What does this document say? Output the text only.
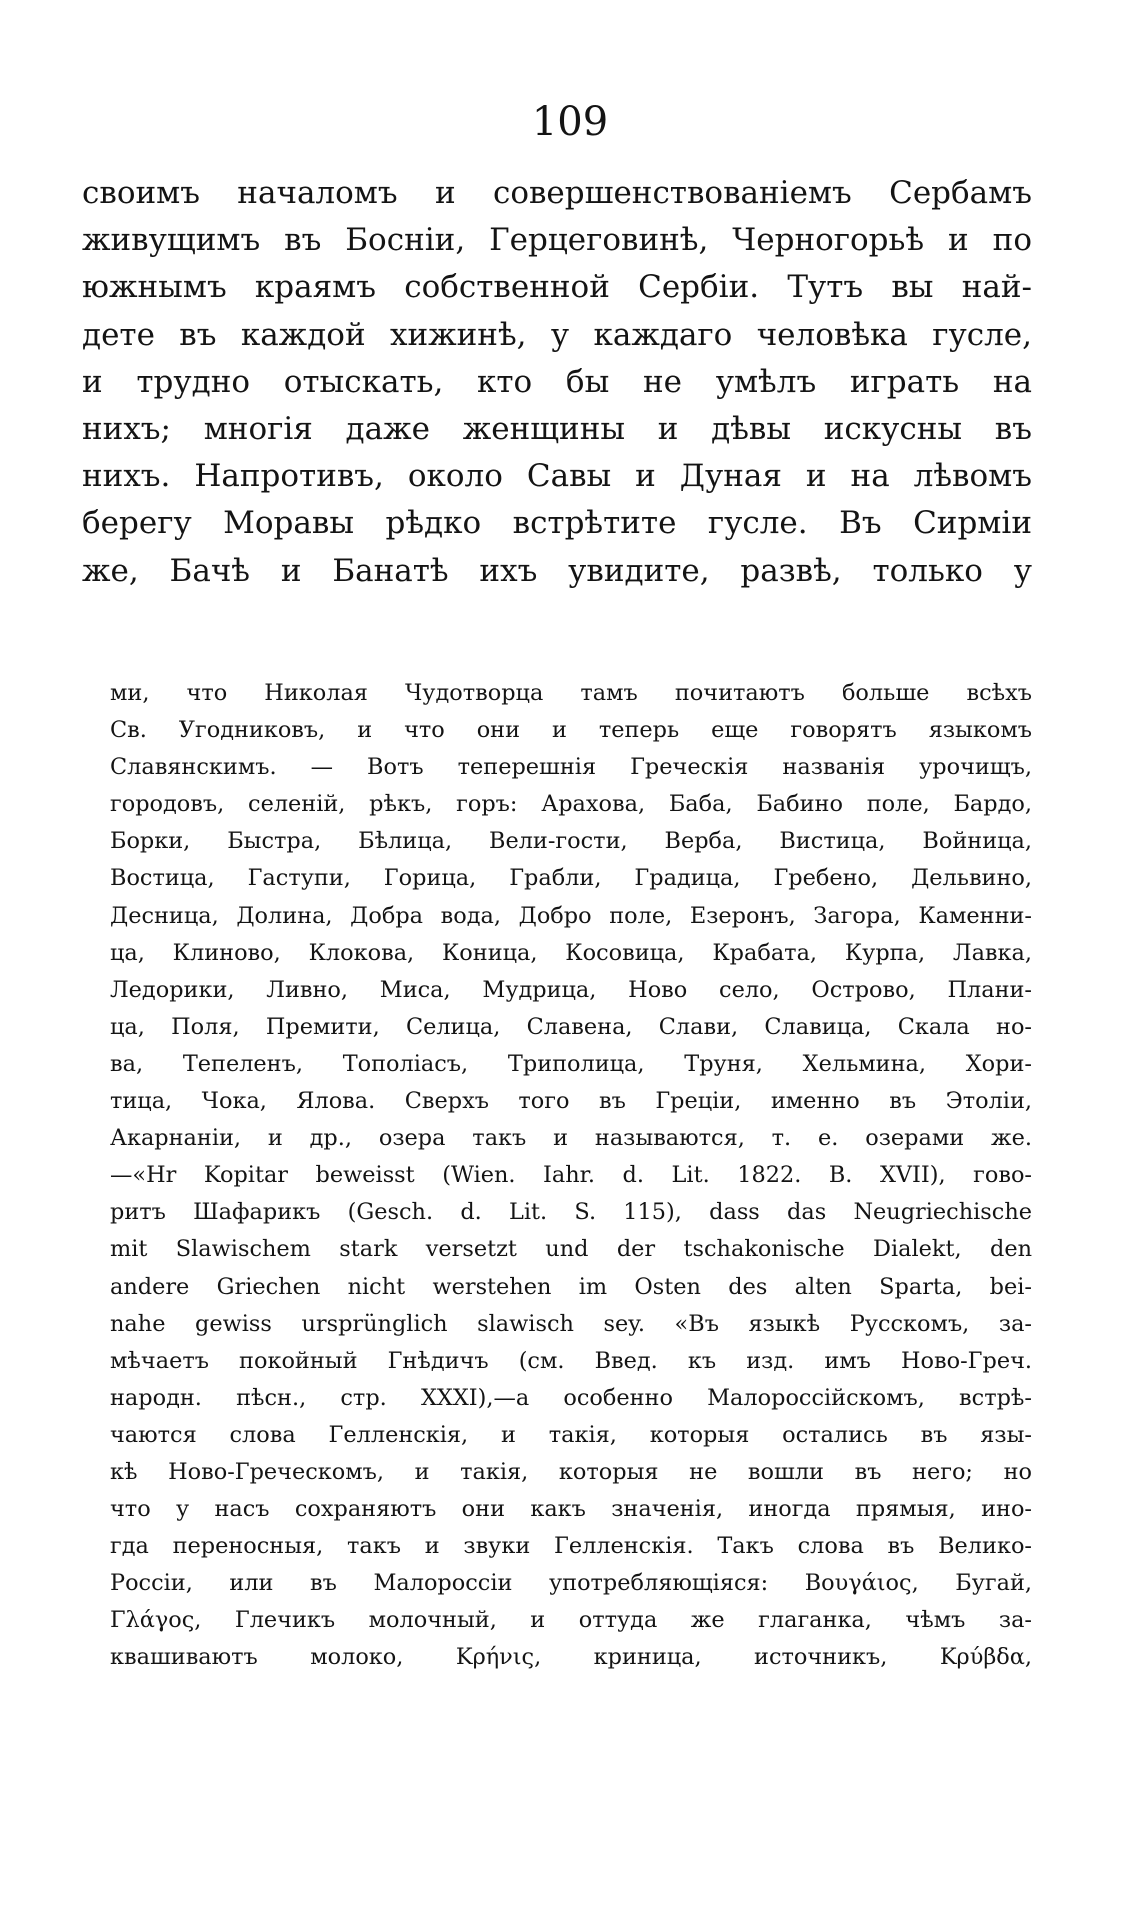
109
своимъ началомъ и совершенствованіемъ Сербамъ
живущимъ въ Босніи, Герцеговинѣ, Черногорьѣ и по
южнымъ краямъ собственной Сербіи. Тутъ вы най-
дете въ каждой хижинѣ, у каждаго человѣка гусле,
и трудно отыскать, кто бы не умѣлъ играть на
нихъ; многія даже женщины и дѣвы искусны въ
нихъ. Напротивъ, около Савы и Дуная и на лѣвомъ
берегу Моравы рѣдко встрѣтите гусле. Въ Сирміи
же, Бачѣ и Банатѣ ихъ увидите, развѣ, только у
ми, что Николая Чудотворца тамъ почитаютъ больше всѣхъ
Св. Угодниковъ, и что они и теперь еще говорятъ языкомъ
Славянскимъ. — Вотъ теперешнія Греческія названія урочищъ,
городовъ, селеній, рѣкъ, горъ: Арахова, Баба, Бабино поле, Бардо,
Борки, Быстра, Бѣлица, Вели-гости, Верба, Вистица, Войница,
Востица, Гаступи, Горица, Грабли, Градица, Гребено, Дельвино,
Десница, Долина, Добра вода, Добро поле, Езеронъ, Загора, Каменни-
ца, Клиново, Клокова, Коница, Косовица, Крабата, Курпа, Лавка,
Ледорики, Ливно, Миса, Мудрица, Ново село, Острово, Плани-
ца, Поля, Премити, Селица, Славена, Слави, Славица, Скала но-
ва, Тепеленъ, Тополіасъ, Триполица, Труня, Хельмина, Хори-
тица, Чока, Ялова. Сверхъ того въ Греціи, именно въ Этоліи,
Акарнаніи, и др., озера такъ и называются, т. е. озерами же.
—«Hr Kopitar beweisst (Wien. Iahr. d. Lit. 1822. B. XVII), гово-
ритъ Шафарикъ (Gesch. d. Lit. S. 115), dass das Neugriechische
mit Slawischem stark versetzt und der tschakonische Dialekt, den
andere Griechen nicht werstehen im Osten des alten Sparta, bei-
nahe gewiss ursprünglich slawisch sey. «Въ языкѣ Русскомъ, за-
мѣчаетъ покойный Гнѣдичъ (см. Введ. къ изд. имъ Ново-Греч.
народн. пѣсн., стр. XXXI),—а особенно Малороссійскомъ, встрѣ-
чаются слова Гелленскія, и такія, которыя остались въ язы-
кѣ Ново-Греческомъ, и такія, которыя не вошли въ него; но
что у насъ сохраняютъ они какъ значенія, иногда прямыя, ино-
гда переносныя, такъ и звуки Гелленскія. Такъ слова въ Велико-
Россіи, или въ Малороссіи употребляющіяся: Βουγάιος, Бугай,
Γλάγος, Глечикъ молочный, и оттуда же глаганка, чѣмъ за-
квашиваютъ молоко, Κρήνις, криница, источникъ, Κρύβδα,
